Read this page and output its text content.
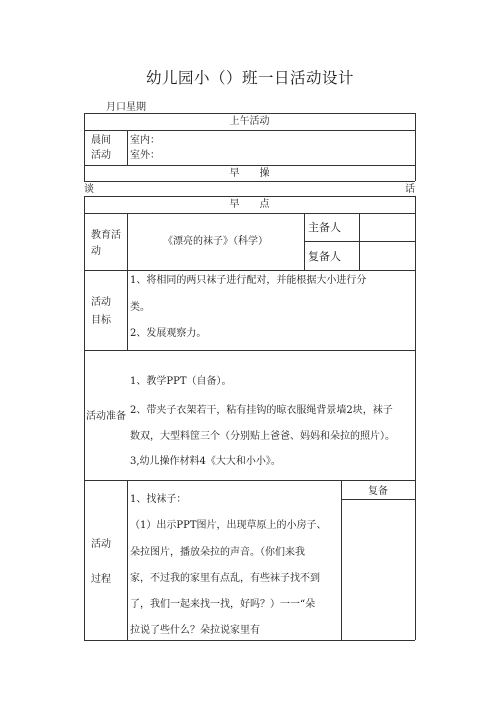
幼儿园小（）班一日活动设计
月口星期
上午活动
晨间
活动
室内：
室外：
早　　操
谈	话
早　　点
教育活
动
《漂亮的袜子》（科学）
主备人
复备人
活动
目标
1、将相同的两只袜子进行配对，并能根据大小进行分
类。
2、发展观察力。
活动准备
1、教学PPT（自备）。
2、带夹子衣架若干，粘有挂钩的晾衣服绳背景墙2块，袜子
数双，大型料筐三个（分别贴上爸爸、妈妈和朵拉的照片）。
3,幼儿操作材料4《大大和小小》。
活动
过程
复备
1、找袜子：
（1）出示PPT图片，出现草原上的小房子、
朵拉图片，播放朵拉的声音。（你们来我
家，不过我的家里有点乱，有些袜子找不到
了，我们一起来找一找，好吗？）一一“朵
拉说了些什么？朵拉说家里有
